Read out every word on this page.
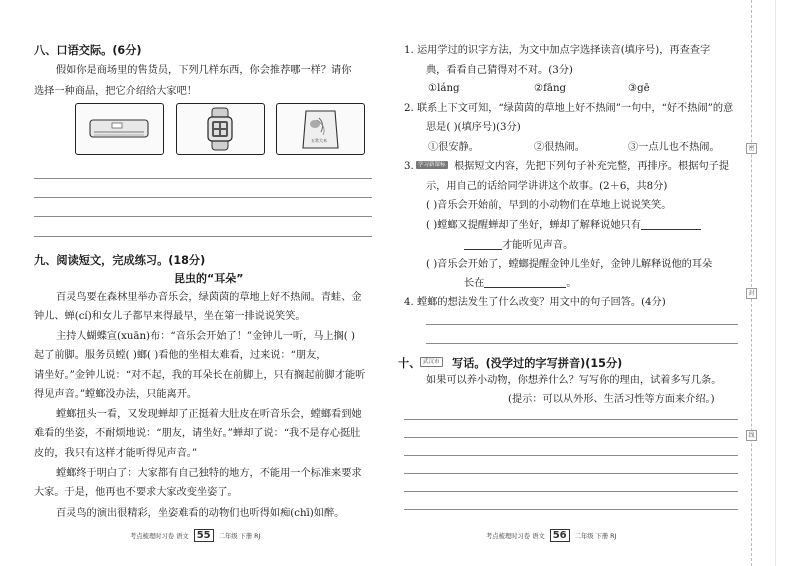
八、口语交际。(6分)
假如你是商场里的售货员，下列几样东西，你会推荐哪一样？请你
选择一种商品，把它介绍给大家吧！
五常大米
九、阅读短文，完成练习。(18分)
昆虫的“耳朵”
百灵鸟要在森林里举办音乐会，绿茵茵的草地上好不热闹。青蛙、金
钟儿、蝉(cí)和女儿子都早来得最早，坐在第一排说说笑笑。
主持人蝴蝶宣(xuān)布：“音乐会开始了！”金钟儿一听，马上搁( )
起了前脚。服务员螳( )螂( )看他的坐相太难看，过来说：“朋友，
请坐好。”金钟儿说：“对不起，我的耳朵长在前脚上，只有搁起前脚才能听
得见声音。”螳螂没办法，只能离开。
螳螂扭头一看，又发现蝉却了正挺着大肚皮在听音乐会，螳螂看到她
难看的坐姿，不耐烦地说：“朋友，请坐好。”蝉却了说：“我不是存心挺肚
皮的，我只有这样才能听得见声音。”
螳螂终于明白了：大家都有自己独特的地方，不能用一个标准来要求
大家。于是，他再也不要求大家改变坐姿了。
百灵鸟的演出很精彩，坐姿难看的动物们也听得如痴(chī)如醉。
考点梳理时习卷 语文 55 二年级 下册 RJ
1. 运用学过的识字方法，为文中加点字选择读音(填序号)，再查查字
典，看看自己猜得对不对。(3分)
①láng	②fāng	③gē
2. 联系上下文可知，“绿茵茵的草地上好不热闹”一句中，“好不热闹”的意
思是( )(填序号)(3分)
①很安静。	②很热闹。	③一点儿也不热闹。
3. 学习新课标 根据短文内容，先把下列句子补充完整，再排序。根据句子提
示，用自己的话给同学讲讲这个故事。(2＋6，共8分)
( )音乐会开始前，早到的小动物们在草地上说说笑笑。
( )螳螂又提醒蝉却了坐好，蝉却了解释说她只有
才能听见声音。
( )音乐会开始了，螳螂提醒金钟儿坐好，金钟儿解释说他的耳朵
长在	。
4. 螳螂的想法发生了什么改变？用文中的句子回答。(4分)
十、 武汉市 写话。(没学过的字写拼音)(15分)
如果可以养小动物，你想养什么？写写你的理由，试着多写几条。
(提示：可以从外形、生活习性等方面来介绍。)
考点梳理时习卷 语文 56 二年级 下册 RJ
密
封
线
